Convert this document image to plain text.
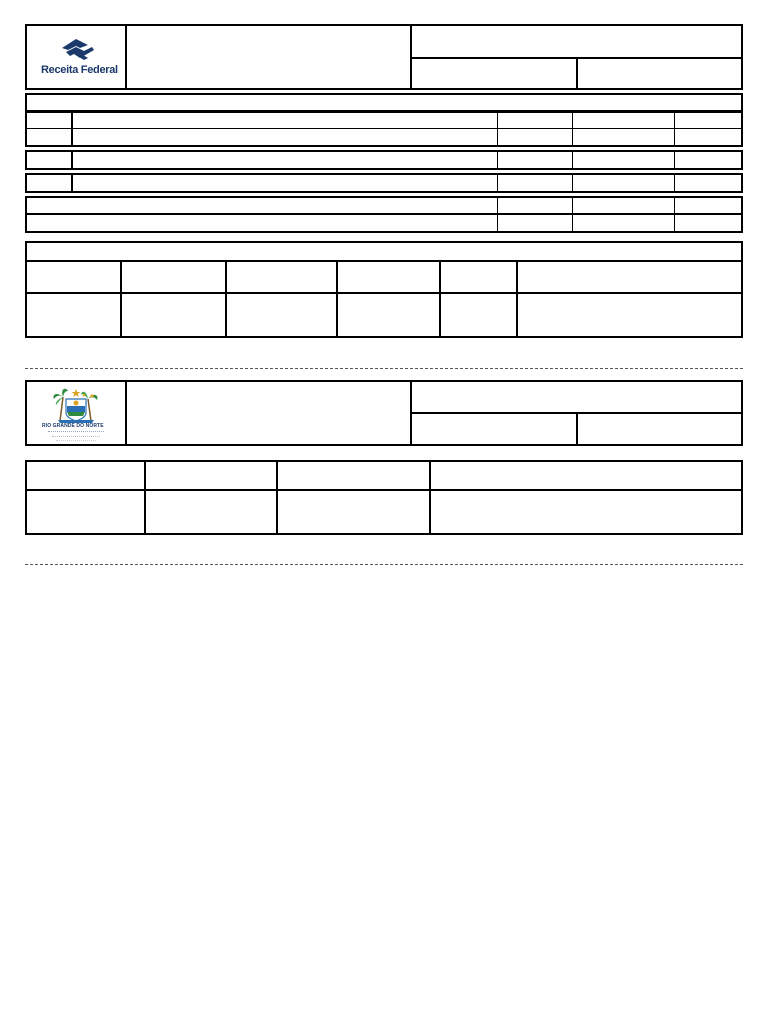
Receita Federal
RIO GRANDE DO NORTE
